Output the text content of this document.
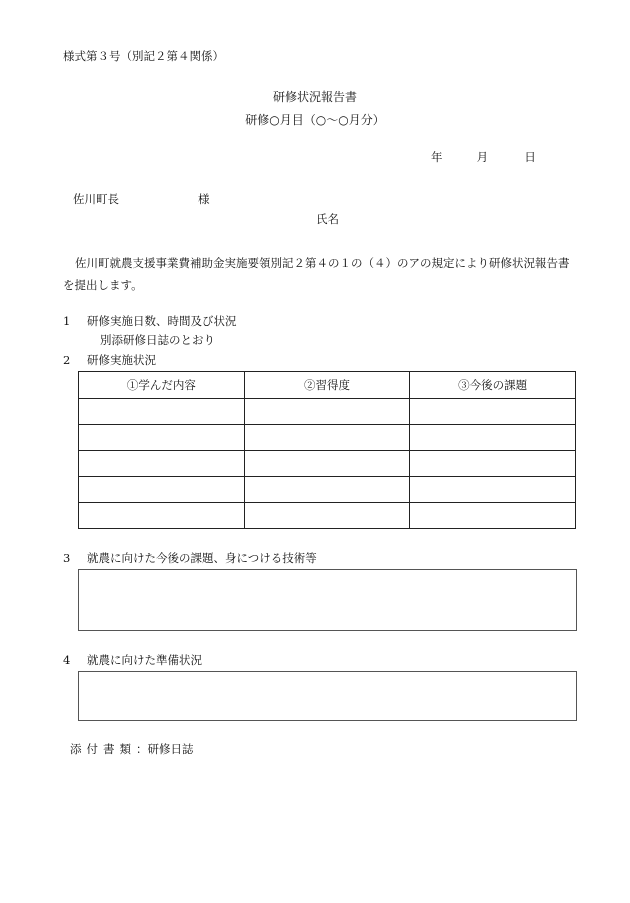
様式第３号（別記２第４関係）
研修状況報告書
研修○月目（○～○月分）
年	月	日
佐川町長	様
氏名
佐川町就農支援事業費補助金実施要領別記２第４の１の（４）のアの規定により研修状況報告書を提出します。
1 研修実施日数、時間及び状況
別添研修日誌のとおり
2 研修実施状況
①学んだ内容	②習得度	③今後の課題

3 就農に向けた今後の課題、身につける技術等
4 就農に向けた準備状況
添付書類：研修日誌
